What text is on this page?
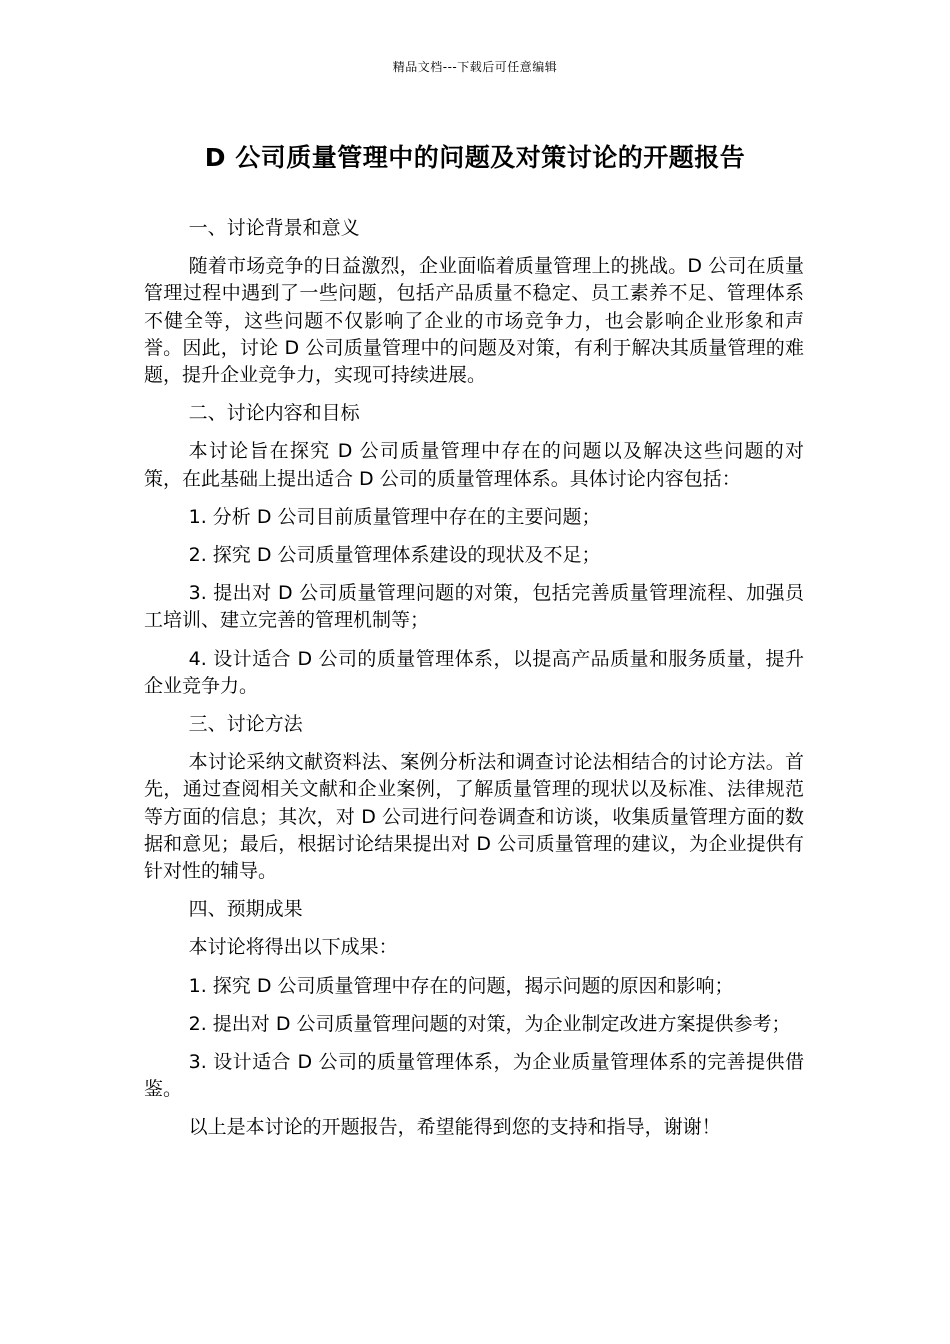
精品文档---下载后可任意编辑
D 公司质量管理中的问题及对策讨论的开题报告

一、讨论背景和意义

随着市场竞争的日益激烈，企业面临着质量管理上的挑战。D 公司在质量管理过程中遇到了一些问题，包括产品质量不稳定、员工素养不足、管理体系不健全等，这些问题不仅影响了企业的市场竞争力，也会影响企业形象和声誉。因此，讨论 D 公司质量管理中的问题及对策，有利于解决其质量管理的难题，提升企业竞争力，实现可持续进展。

二、讨论内容和目标

本讨论旨在探究 D 公司质量管理中存在的问题以及解决这些问题的对策，在此基础上提出适合 D 公司的质量管理体系。具体讨论内容包括：

1. 分析 D 公司目前质量管理中存在的主要问题；

2. 探究 D 公司质量管理体系建设的现状及不足；

3. 提出对 D 公司质量管理问题的对策，包括完善质量管理流程、加强员工培训、建立完善的管理机制等；

4. 设计适合 D 公司的质量管理体系，以提高产品质量和服务质量，提升企业竞争力。

三、讨论方法

本讨论采纳文献资料法、案例分析法和调查讨论法相结合的讨论方法。首先，通过查阅相关文献和企业案例，了解质量管理的现状以及标准、法律规范等方面的信息；其次，对 D 公司进行问卷调查和访谈，收集质量管理方面的数据和意见；最后，根据讨论结果提出对 D 公司质量管理的建议，为企业提供有针对性的辅导。

四、预期成果

本讨论将得出以下成果：

1. 探究 D 公司质量管理中存在的问题，揭示问题的原因和影响；

2. 提出对 D 公司质量管理问题的对策，为企业制定改进方案提供参考；

3. 设计适合 D 公司的质量管理体系，为企业质量管理体系的完善提供借鉴。

以上是本讨论的开题报告，希望能得到您的支持和指导，谢谢！
